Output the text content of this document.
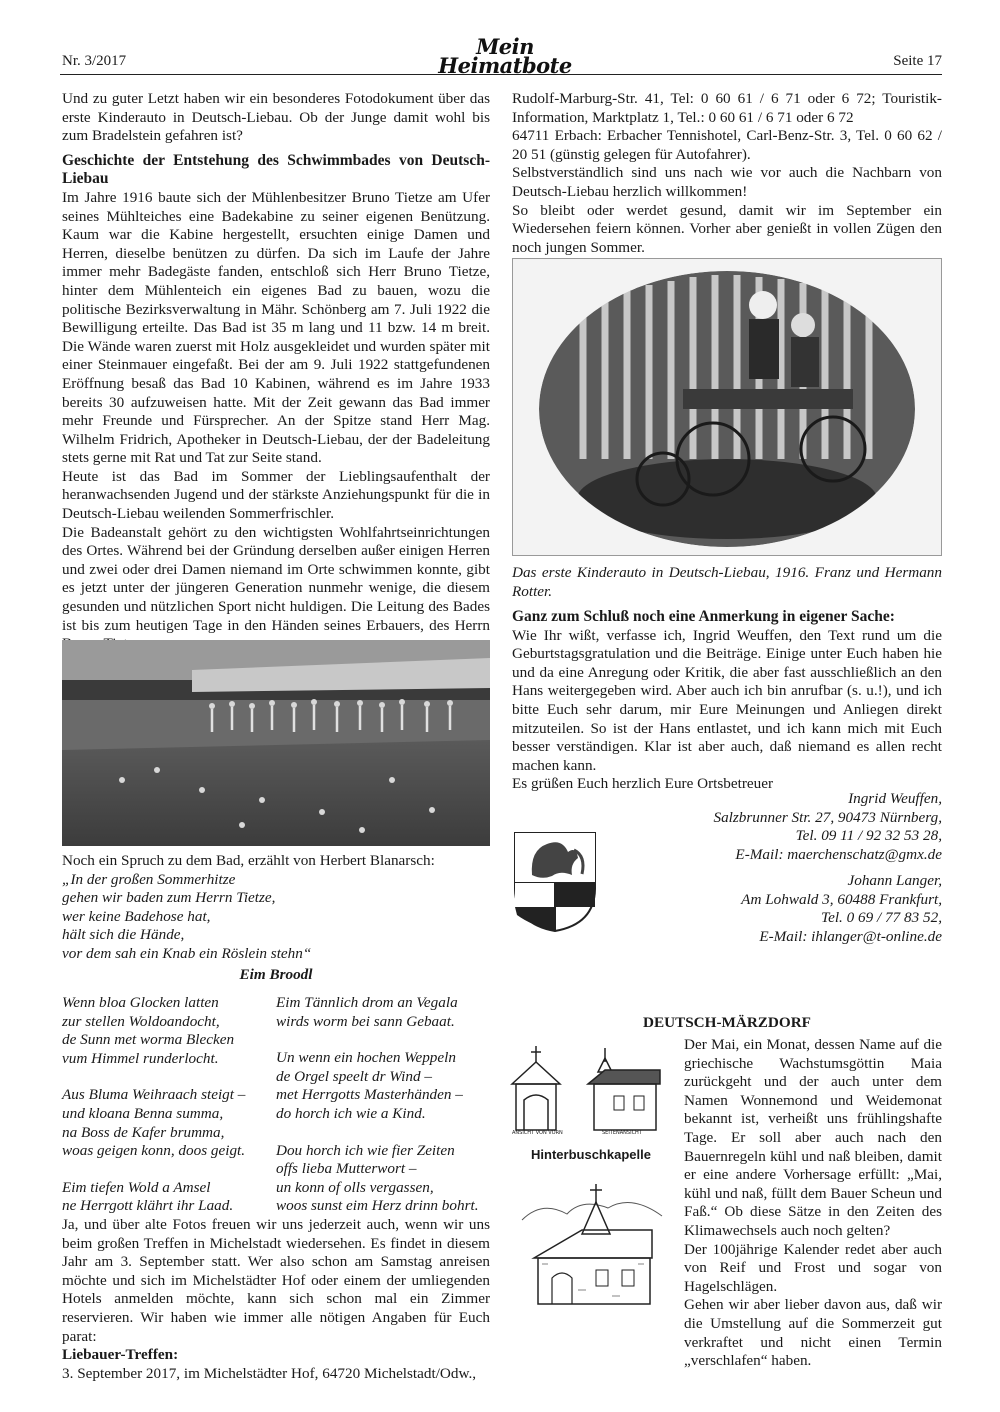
Nr. 3/2017
Mein Heimatbote	Seite 17

Und zu guter Letzt haben wir ein besonderes Fotodokument über das erste Kinderauto in Deutsch-Liebau. Ob der Junge damit wohl bis zum Bradelstein gefahren ist?

Geschichte der Entstehung des Schwimmbades von Deutsch-Liebau

Im Jahre 1916 baute sich der Mühlenbesitzer Bruno Tietze am Ufer seines Mühlteiches eine Badekabine zu seiner eigenen Benützung. Kaum war die Kabine hergestellt, ersuchten einige Damen und Herren, dieselbe benützen zu dürfen. Da sich im Laufe der Jahre immer mehr Badegäste fanden, entschloß sich Herr Bruno Tietze, hinter dem Mühlenteich ein eigenes Bad zu bauen, wozu die politische Bezirksverwaltung in Mähr. Schönberg am 7. Juli 1922 die Bewilligung erteilte. Das Bad ist 35 m lang und 11 bzw. 14 m breit. Die Wände waren zuerst mit Holz ausgekleidet und wurden später mit einer Steinmauer eingefaßt. Bei der am 9. Juli 1922 stattgefundenen Eröffnung besaß das Bad 10 Kabinen, während es im Jahre 1933 bereits 30 aufzuweisen hatte. Mit der Zeit gewann das Bad immer mehr Freunde und Fürsprecher. An der Spitze stand Herr Mag. Wilhelm Fridrich, Apotheker in Deutsch-Liebau, der der Badeleitung stets gerne mit Rat und Tat zur Seite stand.

Heute ist das Bad im Sommer der Lieblingsaufenthalt der heranwachsenden Jugend und der stärkste Anziehungspunkt für die in Deutsch-Liebau weilenden Sommerfrischler.

Die Badeanstalt gehört zu den wichtigsten Wohlfahrtseinrichtungen des Ortes. Während bei der Gründung derselben außer einigen Herren und zwei oder drei Damen niemand im Orte schwimmen konnte, gibt es jetzt unter der jüngeren Generation nunmehr wenige, die diesem gesunden und nützlichen Sport nicht huldigen. Die Leitung des Bades ist bis zum heutigen Tage in den Händen seines Erbauers, des Herrn

Noch ein Spruch zu dem Bad, erzählt von Herbert Blanarsch:

„In der großen Sommerhitze
gehen wir baden zum Herrn Tietze,
wer keine Badehose hat,
hält sich die Hände,
vor dem sah ein Knab ein Röslein stehn“
Eim Broodl
Wenn bloa Glocken latten
zur stellen Woldoandocht,
de Sunn met worma Blecken
vum Himmel runderlocht.
Aus Bluma Weihraach steigt –
und kloana Benna summa,
na Boss de Kafer brumma,
woas geigen konn, doos geigt.
Eim tiefen Wold a Amsel
ne Herrgott klährt ihr Laad.
Eim Tännlich drom an Vegala
wirds worm bei sann Gebaat.
Un wenn ein hochen Weppeln
de Orgel speelt dr Wind –
met Herrgotts Masterhänden –
do horch ich wie a Kind.
Dou horch ich wie fier Zeiten
offs lieba Mutterwort –
un konn of olls vergassen,
woos sunst eim Herz drinn bohrt.

Ja, und über alte Fotos freuen wir uns jederzeit auch, wenn wir uns beim großen Treffen in Michelstadt wiedersehen. Es findet in diesem Jahr am 3. September statt. Wer also schon am Samstag anreisen möchte und sich im Michelstädter Hof oder einem der umliegenden Hotels anmelden möchte, kann sich schon mal ein Zimmer reservieren. Wir haben wie immer alle nötigen Angaben für Euch parat:

Liebauer-Treffen:

3. September 2017, im Michelstädter Hof, 64720 Michelstadt/Odw.,

Rudolf-Marburg-Str. 41, Tel: 0 60 61 / 6 71 oder 6 72; Touristik-Information, Marktplatz 1, Tel.: 0 60 61 / 6 71 oder 6 72

64711 Erbach: Erbacher Tennishotel, Carl-Benz-Str. 3, Tel. 0 60 62 / 20 51 (günstig gelegen für Autofahrer).

Selbstverständlich sind uns nach wie vor auch die Nachbarn von Deutsch-Liebau herzlich willkommen!

So bleibt oder werdet gesund, damit wir im September ein Wiedersehen feiern können. Vorher aber genießt in vollen Zügen den noch jungen Sommer.

Das erste Kinderauto in Deutsch-Liebau, 1916. Franz und Hermann Rotter.
Ganz zum Schluß noch eine Anmerkung in eigener Sache:

Wie Ihr wißt, verfasse ich, Ingrid Weuffen, den Text rund um die Geburtstagsgratulation und die Beiträge. Einige unter Euch haben hie und da eine Anregung oder Kritik, die aber fast ausschließlich an den Hans weitergegeben wird. Aber auch ich bin anrufbar (s. u.!), und ich bitte Euch sehr darum, mir Eure Meinungen und Anliegen direkt mitzuteilen. So ist der Hans entlastet, und ich kann mich mit Euch besser verständigen. Klar ist aber auch, daß niemand es allen recht machen kann.

Es grüßen Euch herzlich Eure Ortsbetreuer

Ingrid Weuffen,
Salzbrunner Str. 27, 90473 Nürnberg,
Tel. 09 11 / 92 32 53 28,
E-Mail: maerchenschatz@gmx.de
Johann Langer,
Am Lohwald 3, 60488 Frankfurt,
Tel. 0 69 / 77 83 52,
E-Mail: ihlanger@t-online.de
DEUTSCH-MÄRZDORF
ANSICHT VON VORN	SEITENANSICHT
Hinterbuschkapelle

Der Mai, ein Monat, dessen Name auf die griechische Wachstumsgöttin Maia zurückgeht und der auch unter dem Namen Wonnemond und Weidemonat bekannt ist, verheißt uns frühlingshafte Tage. Er soll aber auch nach den Bauernregeln kühl und naß bleiben, damit er eine andere Vorhersage erfüllt: „Mai, kühl und naß, füllt dem Bauer Scheun und Faß.“ Ob diese Sätze in den Zeiten des Klimawechsels auch noch gelten?

Der 100jährige Kalender redet aber auch von Reif und Frost und sogar von Hagelschlägen.

Gehen wir aber lieber davon aus, daß wir die Umstellung auf die Sommerzeit gut verkraftet und nicht einen Termin „verschlafen“ haben.
